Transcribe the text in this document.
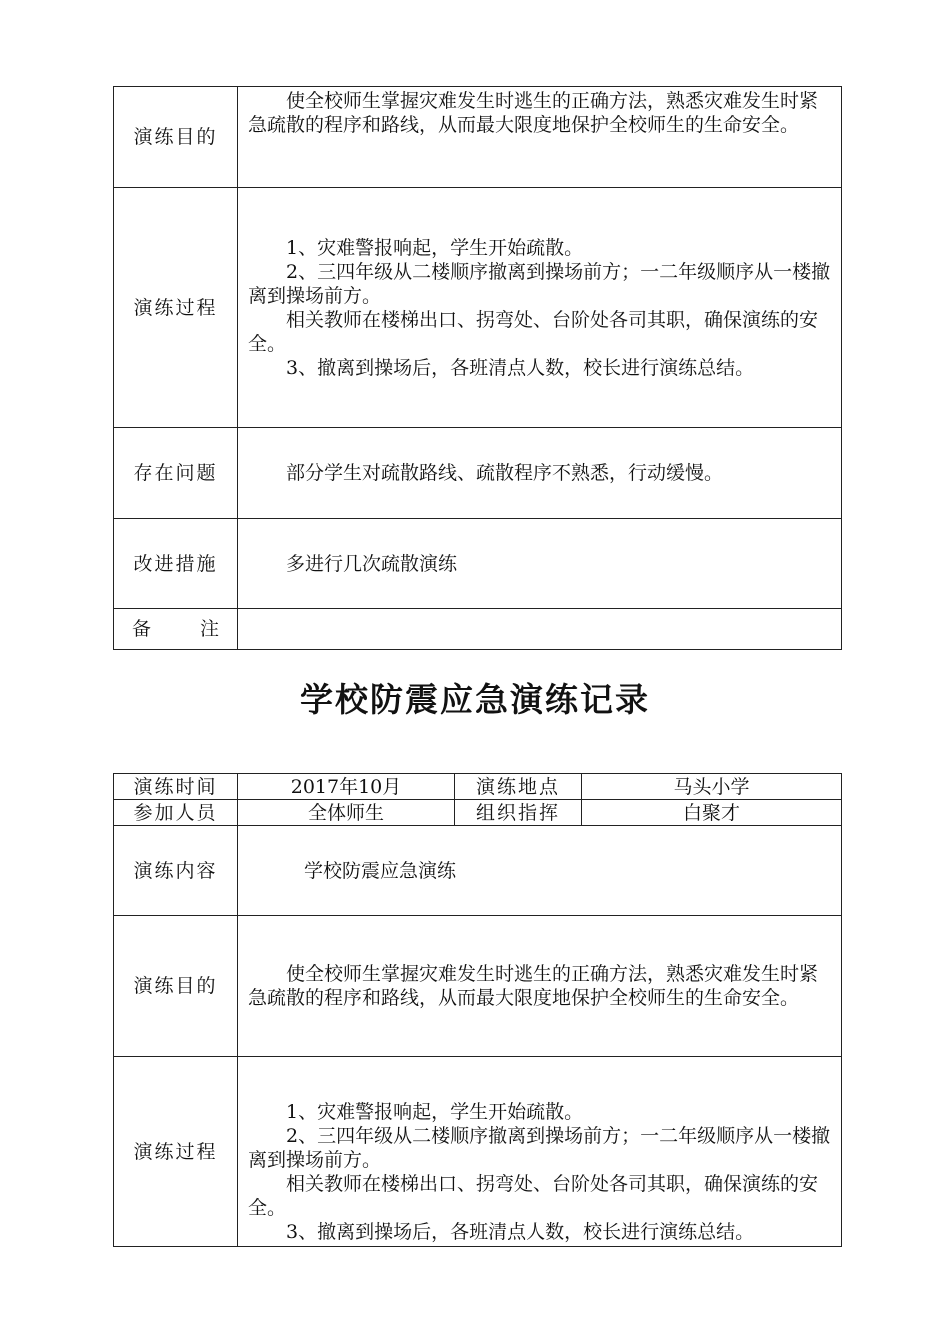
演练目的	使全校师生掌握灾难发生时逃生的正确方法，熟悉灾难发生时紧急疏散的程序和路线，从而最大限度地保护全校师生的生命安全。

演练过程	1、灾难警报响起，学生开始疏散。
2、三四年级从二楼顺序撤离到操场前方；一二年级顺序从一楼撤离到操场前方。
相关教师在楼梯出口、拐弯处、台阶处各司其职，确保演练的安全。
3、撤离到操场后，各班清点人数，校长进行演练总结。

存在问题	部分学生对疏散路线、疏散程序不熟悉，行动缓慢。

改进措施	多进行几次疏散演练

备 注	

学校防震应急演练记录
演练时间	2017年10月	演练地点	马头小学
参加人员	全体师生	组织指挥	白聚才
演练内容	学校防震应急演练		

演练目的	使全校师生掌握灾难发生时逃生的正确方法，熟悉灾难发生时紧急疏散的程序和路线，从而最大限度地保护全校师生的生命安全。		

演练过程	1、灾难警报响起，学生开始疏散。
2、三四年级从二楼顺序撤离到操场前方；一二年级顺序从一楼撤离到操场前方。
相关教师在楼梯出口、拐弯处、台阶处各司其职，确保演练的安全。
3、撤离到操场后，各班清点人数，校长进行演练总结。		
